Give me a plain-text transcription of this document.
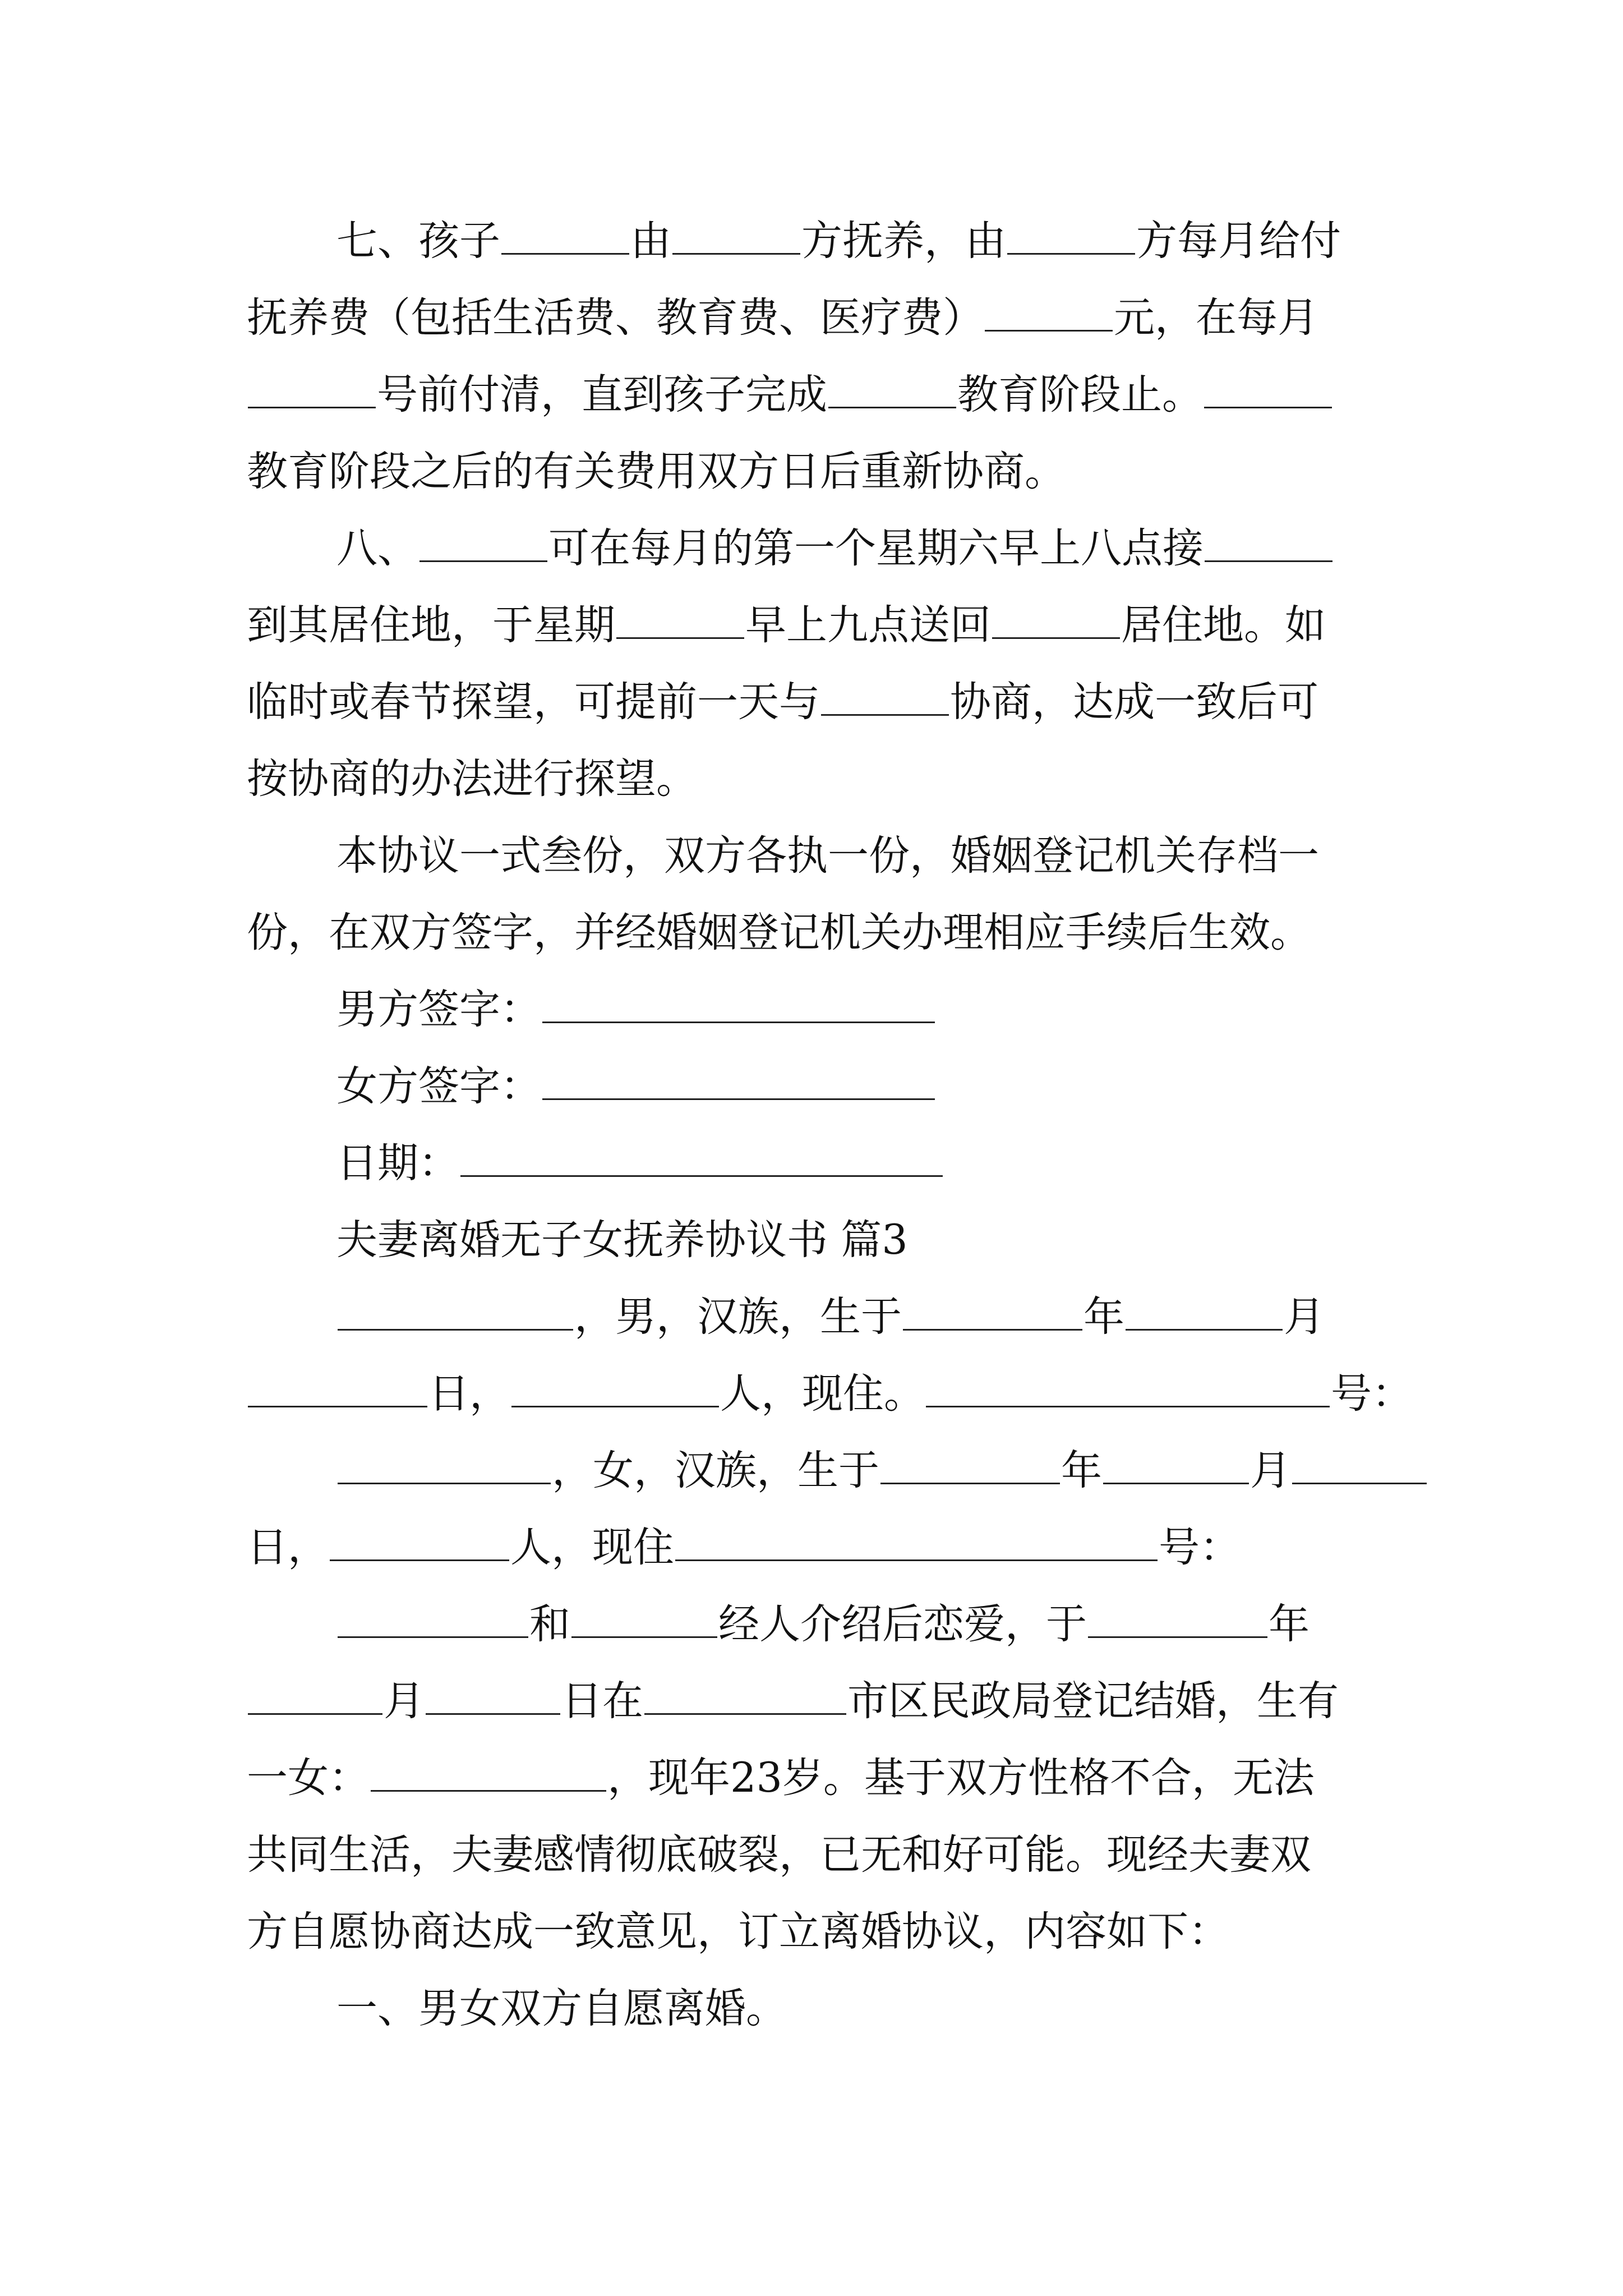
七、孩子	由	方抚养，由	方每月给付
抚养费（包括生活费、教育费、医疗费）	元，在每月
号前付清，直到孩子完成	教育阶段止。
教育阶段之后的有关费用双方日后重新协商。
八、	可在每月的第一个星期六早上八点接
到其居住地，于星期	早上九点送回	居住地。如
临时或春节探望，可提前一天与	协商，达成一致后可
按协商的办法进行探望。
本协议一式叁份，双方各执一份，婚姻登记机关存档一
份，在双方签字，并经婚姻登记机关办理相应手续后生效。
男方签字：
女方签字：
日期：
夫妻离婚无子女抚养协议书 篇3
，男，汉族，生于	年	月
日，	人，现住。	号：
，女，汉族，生于	年	月
日，	人，现住	号：
和	经人介绍后恋爱，于	年
月	日在	市区民政局登记结婚，生有
一女：	，现年23岁。基于双方性格不合，无法
共同生活，夫妻感情彻底破裂，已无和好可能。现经夫妻双
方自愿协商达成一致意见，订立离婚协议，内容如下：
一、男女双方自愿离婚。
